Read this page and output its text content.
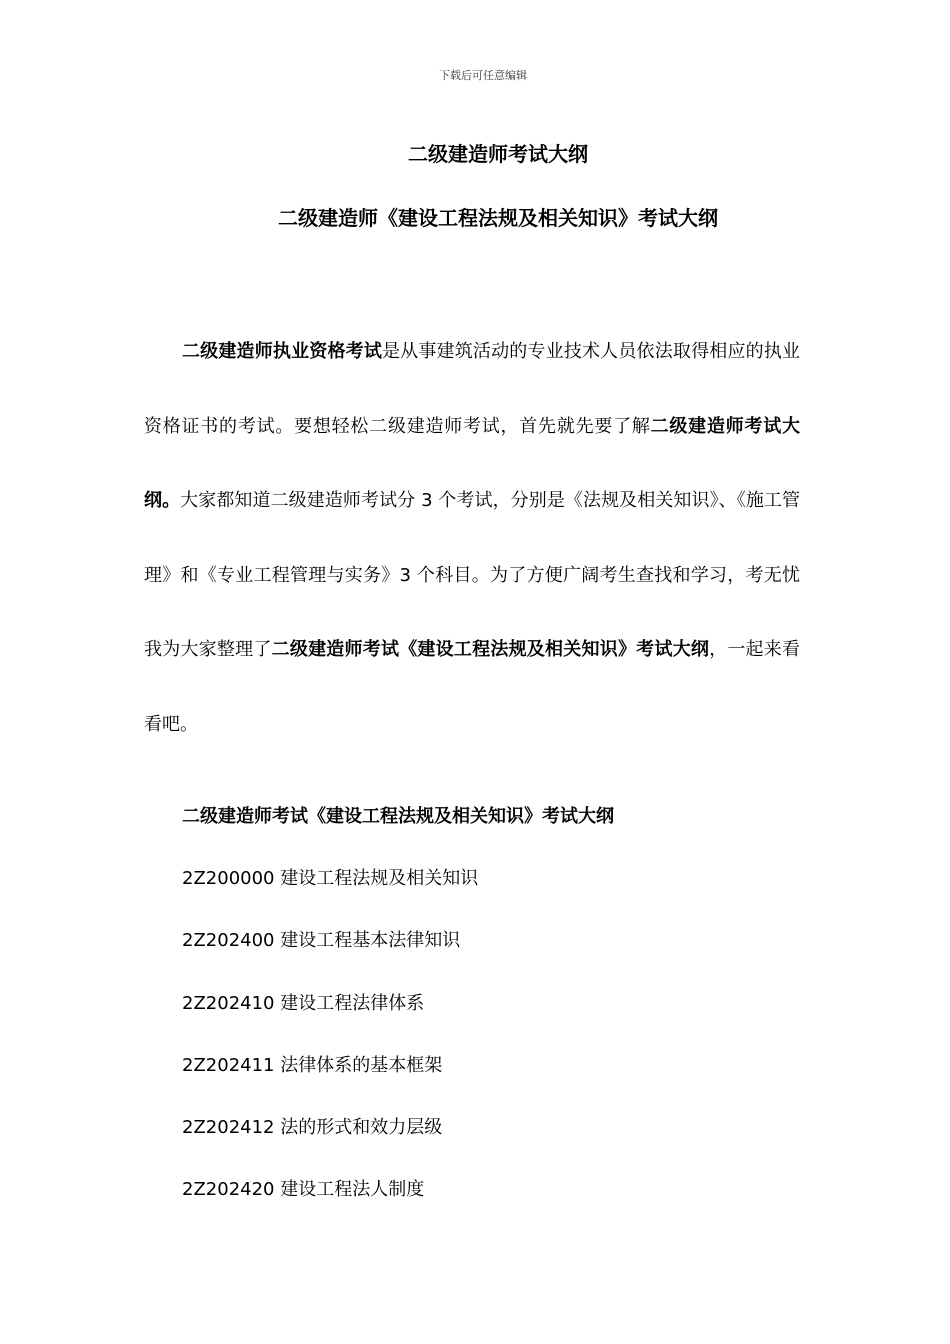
下载后可任意编辑
二级建造师考试大纲
二级建造师《建设工程法规及相关知识》考试大纲

二级建造师执业资格考试是从事建筑活动的专业技术人员依法取得相应的执业资格证书的考试。要想轻松二级建造师考试，首先就先要了解二级建造师考试大纲。大家都知道二级建造师考试分 3 个考试，分别是《法规及相关知识》、《施工管理》和《专业工程管理与实务》3 个科目。为了方便广阔考生查找和学习，考无忧我为大家整理了二级建造师考试《建设工程法规及相关知识》考试大纲，一起来看看吧。

二级建造师考试《建设工程法规及相关知识》考试大纲
2Z200000 建设工程法规及相关知识
2Z202400 建设工程基本法律知识
2Z202410 建设工程法律体系
2Z202411 法律体系的基本框架
2Z202412 法的形式和效力层级
2Z202420 建设工程法人制度
